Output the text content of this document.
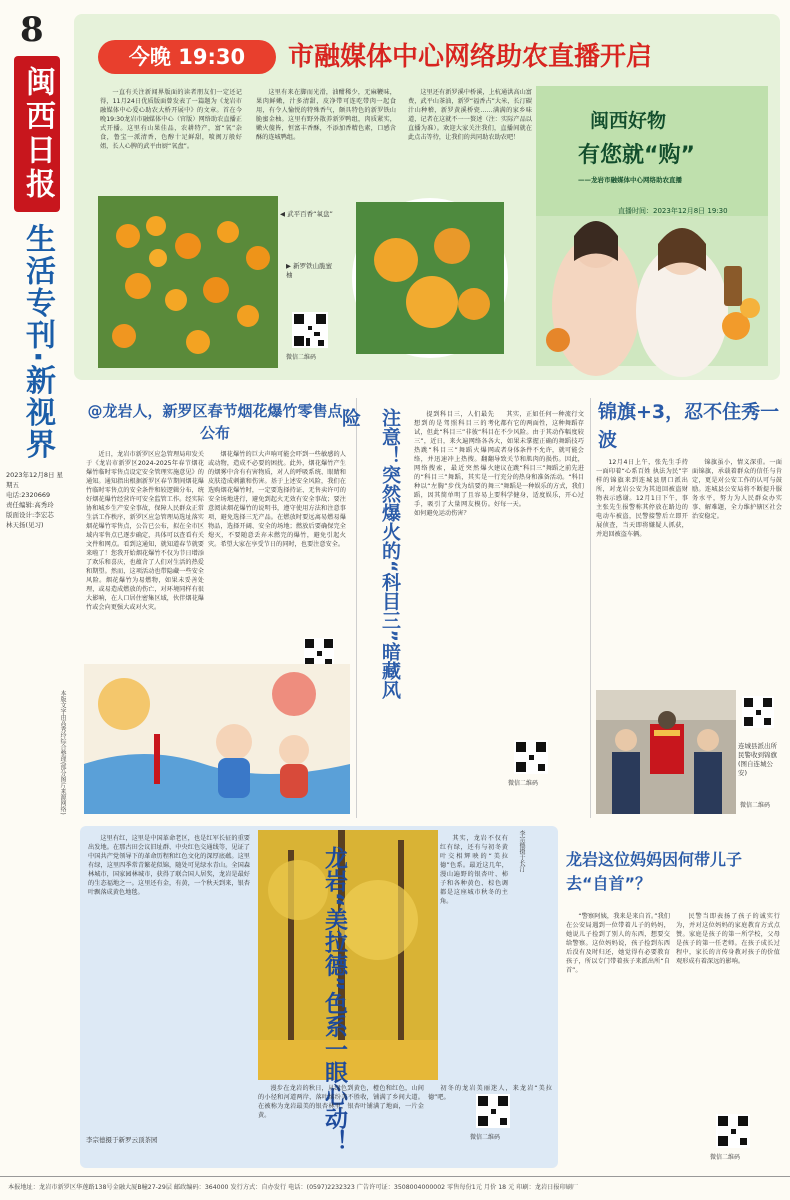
8
闽西日报
生活专刊·新视界
2023年12月8日 星期五
电话:2320669
责任编辑:高秀玲
版面设计:李宏芯
林天扬(见习)
本版文字由高秀玲综合整理(部分图片来源网络)
今晚 19:30	市融媒体中心网络助农直播开启

一直有关注新闻界版面的读者朋友们一定还记得，11月24日优质版面曾发表了一篇题为《龙岩市融媒体中心爱心助农大桥开展中》的文章。首在今晚19:30龙岩市融媒体中心（官版）网络助农直播正式开播。这里有山果佳品，农耕特产，富“氧”杂食，鲁宝一派清香，色醇十足鲜甜，喷闽万般好姐，长人心脾的武平由厨“氧盘”。

这里有来在脚而光滑，油酣稀少，无麻鞭味，果肉鲜嫩，汁多清甜，皮净带可连吃带肉一起食用，有令人愉悦的特殊香气，颇具特色的新罗铁山脆蜜金柚。这里有野外散养新罗鸭组，肉质紧实，嫩火傻皆，恒富丰香酥，不添加香精色素，口感含酥的连城鸭组。

这里还有新罗溪中桥溪，上杭通洪高山富费，武平山茶油，新罗“福香占”大米，长汀碳汁山种稽，新罗黄溪桥瓷……满满的家乡味道，记者在这就不一一赘述（注：实际产品以直播为准）。欢迎大家关注我们，直播间就在此点击等待，让我们的共同助农助农吧！

闽西好物
有您就“购”
——龙岩市融媒体中心网络助农直播
直播时间：2023年12月8日 19:30
◀ 武平百香“氧盘”
▶ 新罗铁山脆蜜柚
微信二维码
@龙岩人，新罗区春节烟花爆竹零售点公布

近日，龙岩市新罗区应急管理局印发关于《龙岩市新罗区2024-2025年春节烟花爆竹临时零售点设定安全管理实施意见》的通知。通知指出根据新罗区春节期间烟花爆竹临时零售点的安全条件和较逻辑分布，统好烟花爆竹经营许可安全监管工作。经实际协和城乡生产安全事故，保障人民群众正常生活工作秩序，新罗区应急管理局选址落实烟花爆竹零售点，公告已公布，拟在全市区域内零售点已逐步确定，具体可以查看有关文件和网点。看到这通知，就知道春节就要来啦了！您我开始烟花爆竹不仅为节日增添了欢乐和喜庆，也蕴含了人们对生活的热爱和期望。然而，这项活动也带隐藏一些安全风险。烟花爆竹为易燃物，如果未妥善处理，或易造成燃放的伤亡，对环境同样有很大影响，在人口居住密集区域，伙伴烟花爆竹或会向更强大或对火灾。

烟花爆竹的巨大声响可能会吓到一些敏感的人或动物，造成不必要的困扰。此外，烟花爆竹产生的烟雾中含有有害物质，对人的呼吸系统、眼睛和皮肤造成刺激和伤害。基于上述安全风险，我们在选购烟花爆竹时，一定要选择持证、无售卖许可的安全场地进行，避免到起火无效有安全事故；要注意阅读烟花爆竹的说明书，遵守使用方法和注意事项，避免选择三无产品。在燃放时要远离易燃易爆物品，选择开阔、安全的场地；燃放后要确保完全熄灭，不要随意丢弃未燃完的爆竹，避免引起火灾。希望大家在享受节日的同时，也要注意安全。	注意！突然爆火的“科目三”暗藏风险	提到科目三，人们最先想到的是驾照科目三的考试，但此“科目三”非彼“科目三”，近日，来火遍网络各各热跳“科目三”舞蹈火爆网络，并迅速冲上热搜。翻翻网络搜索，最近突然爆火的“科目三”舞蹈，其实是一种以“左胸”步伐为结要的舞蹈，因其简单明了且容易上手，吸引了大量网友模仿。如何避免运动伤害？

其实，正如任何一种流行文化都有它的两面性，这种舞蹈存在不少风险。由于其动作幅度较大，如果未掌握正确的舞蹈技巧或者身体条件不允许，就可能会导致关节和肌肉的损伤。因此，建议在跳“科目三”舞蹈之前先进行充分的热身和准备活动。“科目三”舞蹈是一种娱乐的方式，我们要科学健身，适度娱乐，开心过好每一天。

微信二维码
锦旗+3，忍不住秀一波

12月4日上午，张先生手持一面印着“心系百姓 执法为民”字样的锦旗来到连城县朋口派出所，对龙岩公安为其追回被盗财物表示感谢。12月1日下午，事主张先生报警称其停放在路边的电动车被盗，民警接警后立即开展侦查，当天即将嫌疑人抓获，并追回被盗车辆。

锦旗虽小，情义深重。一面面锦旗，承载着群众的信任与肯定，更是对公安工作的认可与鼓励。连城县公安局将不断提升服务水平，努力为人民群众办实事、解难题，全力维护辖区社会治安稳定。

连城县派出所民警收到锦旗(图自连城公安)
微信二维码

这里有红，这里是中国革命老区，也是红军长征的重要出发地。在那古田会议旧址群、中央红色交通线等，见证了中国共产党领导下的革命历程和红色文化的深厚底蕴。这里有绿，这里四季常青繁花似锦，随处可见绿水青山。全国森林城市，国家园林城市，获得了联合国人居奖，龙岩是最好的生态福地之一。这里还有金，有黄，一个秋天到来，银杏叶飘落成黄色地毯。	龙岩“美拉德”色系一眼心动！	李宗德摄于长汀

其实，龙岩不仅有红有绿，还有与初冬黄叶交相辉映的“美拉德”色系。最近这几年，漫山遍野的银杏叶、柿子和各种黄色、棕色调都是这座城市秋冬的主角。

漫步在龙岩的秋日，从绿色到黄色，橙色和红色，山间的小径和河道两岸，落叶缤纷美不胜收，铺满了乡间大道。在被称为龙岩最美的银杏林里，银杏叶铺满了地面，一片金黄。

初冬的龙岩美丽迷人，来龙岩“美拉德”吧。

微信二维码
李宗德摄于新罗云顶茶园
龙岩这位妈妈因何带儿子去“自首”？

“警察阿姨，我来是来自首。”我们在公安局遇到一位带着儿子的妈妈，她说儿子捡到了别人的东西，想要交给警察。这位妈妈说，孩子捡到东西后没有及时归还，她觉得有必要教育孩子，所以专门带着孩子来派出所“自首”。

民警当即表扬了孩子的诚实行为，并对这位妈妈的家庭教育方式点赞。家庭是孩子的第一所学校，父母是孩子的第一任老师。在孩子成长过程中，家长的言传身教对孩子的价值观形成有着深远的影响。

微信二维码
本报地址：龙岩市新罗区华莲路138号金融大厦B幢27-29层 邮政编码：364000 发行方式：自办发行 电话：(0597)2232323 广告许可证：3508004000002 零售每份1元 月价 18 元 印刷：龙岩日报印刷厂
